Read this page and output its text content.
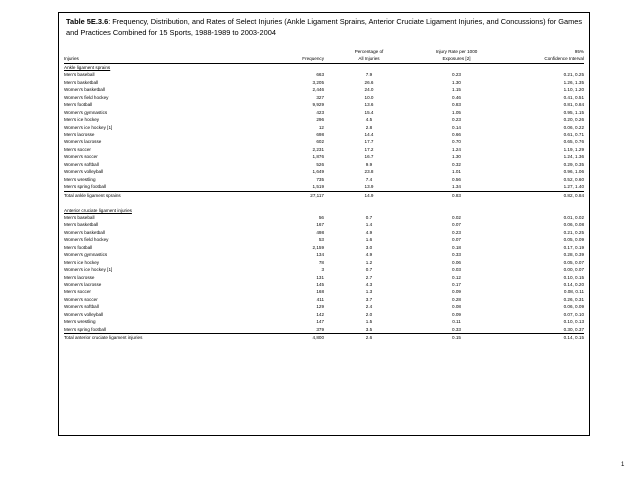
Table 5E.3.6: Frequency, Distribution, and Rates of Select Injuries (Ankle Ligament Sprains, Anterior Cruciate Ligament Injuries, and Concussions) for Games and Practices Combined for 15 Sports, 1988-1989 to 2003-2004
		Percentage of	Injury Rate per 1000	95%
Injuries	Frequency	All Injuries	Exposures [2]	Confidence Interval
Ankle ligament sprains				
Men's baseball	663	7.9	0.23	0.21, 0.25
Men's basketball	3,205	26.6	1.30	1.26, 1.35
Women's basketball	2,446	24.0	1.15	1.10, 1.20
Women's field hockey	327	10.0	0.46	0.41, 0.51
Men's football	9,929	13.6	0.83	0.81, 0.84
Women's gymnastics	423	15.4	1.05	0.95, 1.15
Men's ice hockey	296	4.5	0.23	0.20, 0.26
Women's ice hockey [1]	12	2.8	0.14	0.06, 0.22
Men's lacrosse	698	14.4	0.66	0.61, 0.71
Women's lacrosse	602	17.7	0.70	0.65, 0.76
Men's soccer	2,231	17.2	1.24	1.19, 1.29
Women's soccer	1,876	16.7	1.30	1.24, 1.36
Women's softball	526	9.9	0.32	0.29, 0.35
Women's volleyball	1,649	23.8	1.01	0.96, 1.06
Men's wrestling	735	7.4	0.56	0.52, 0.60
Men's spring football	1,519	13.9	1.34	1.27, 1.40
Total ankle ligament sprains	27,117	14.9	0.83	0.82, 0.84

Anterior cruciate ligament injuries				
Men's baseball	56	0.7	0.02	0.01, 0.02
Men's basketball	167	1.4	0.07	0.06, 0.08
Women's basketball	498	4.9	0.23	0.21, 0.25
Women's field hockey	53	1.6	0.07	0.05, 0.09
Men's football	2,159	3.0	0.18	0.17, 0.19
Women's gymnastics	134	4.9	0.33	0.28, 0.39
Men's ice hockey	78	1.2	0.06	0.05, 0.07
Women's ice hockey [1]	3	0.7	0.03	0.00, 0.07
Men's lacrosse	131	2.7	0.12	0.10, 0.15
Women's lacrosse	145	4.3	0.17	0.14, 0.20
Men's soccer	168	1.3	0.09	0.08, 0.11
Women's soccer	411	3.7	0.28	0.26, 0.31
Women's softball	129	2.4	0.08	0.06, 0.09
Women's volleyball	142	2.0	0.09	0.07, 0.10
Men's wrestling	147	1.5	0.11	0.10, 0.13
Men's spring football	379	3.5	0.33	0.30, 0.37
Total anterior cruciate ligament injuries	4,800	2.6	0.15	0.14, 0.15
1
